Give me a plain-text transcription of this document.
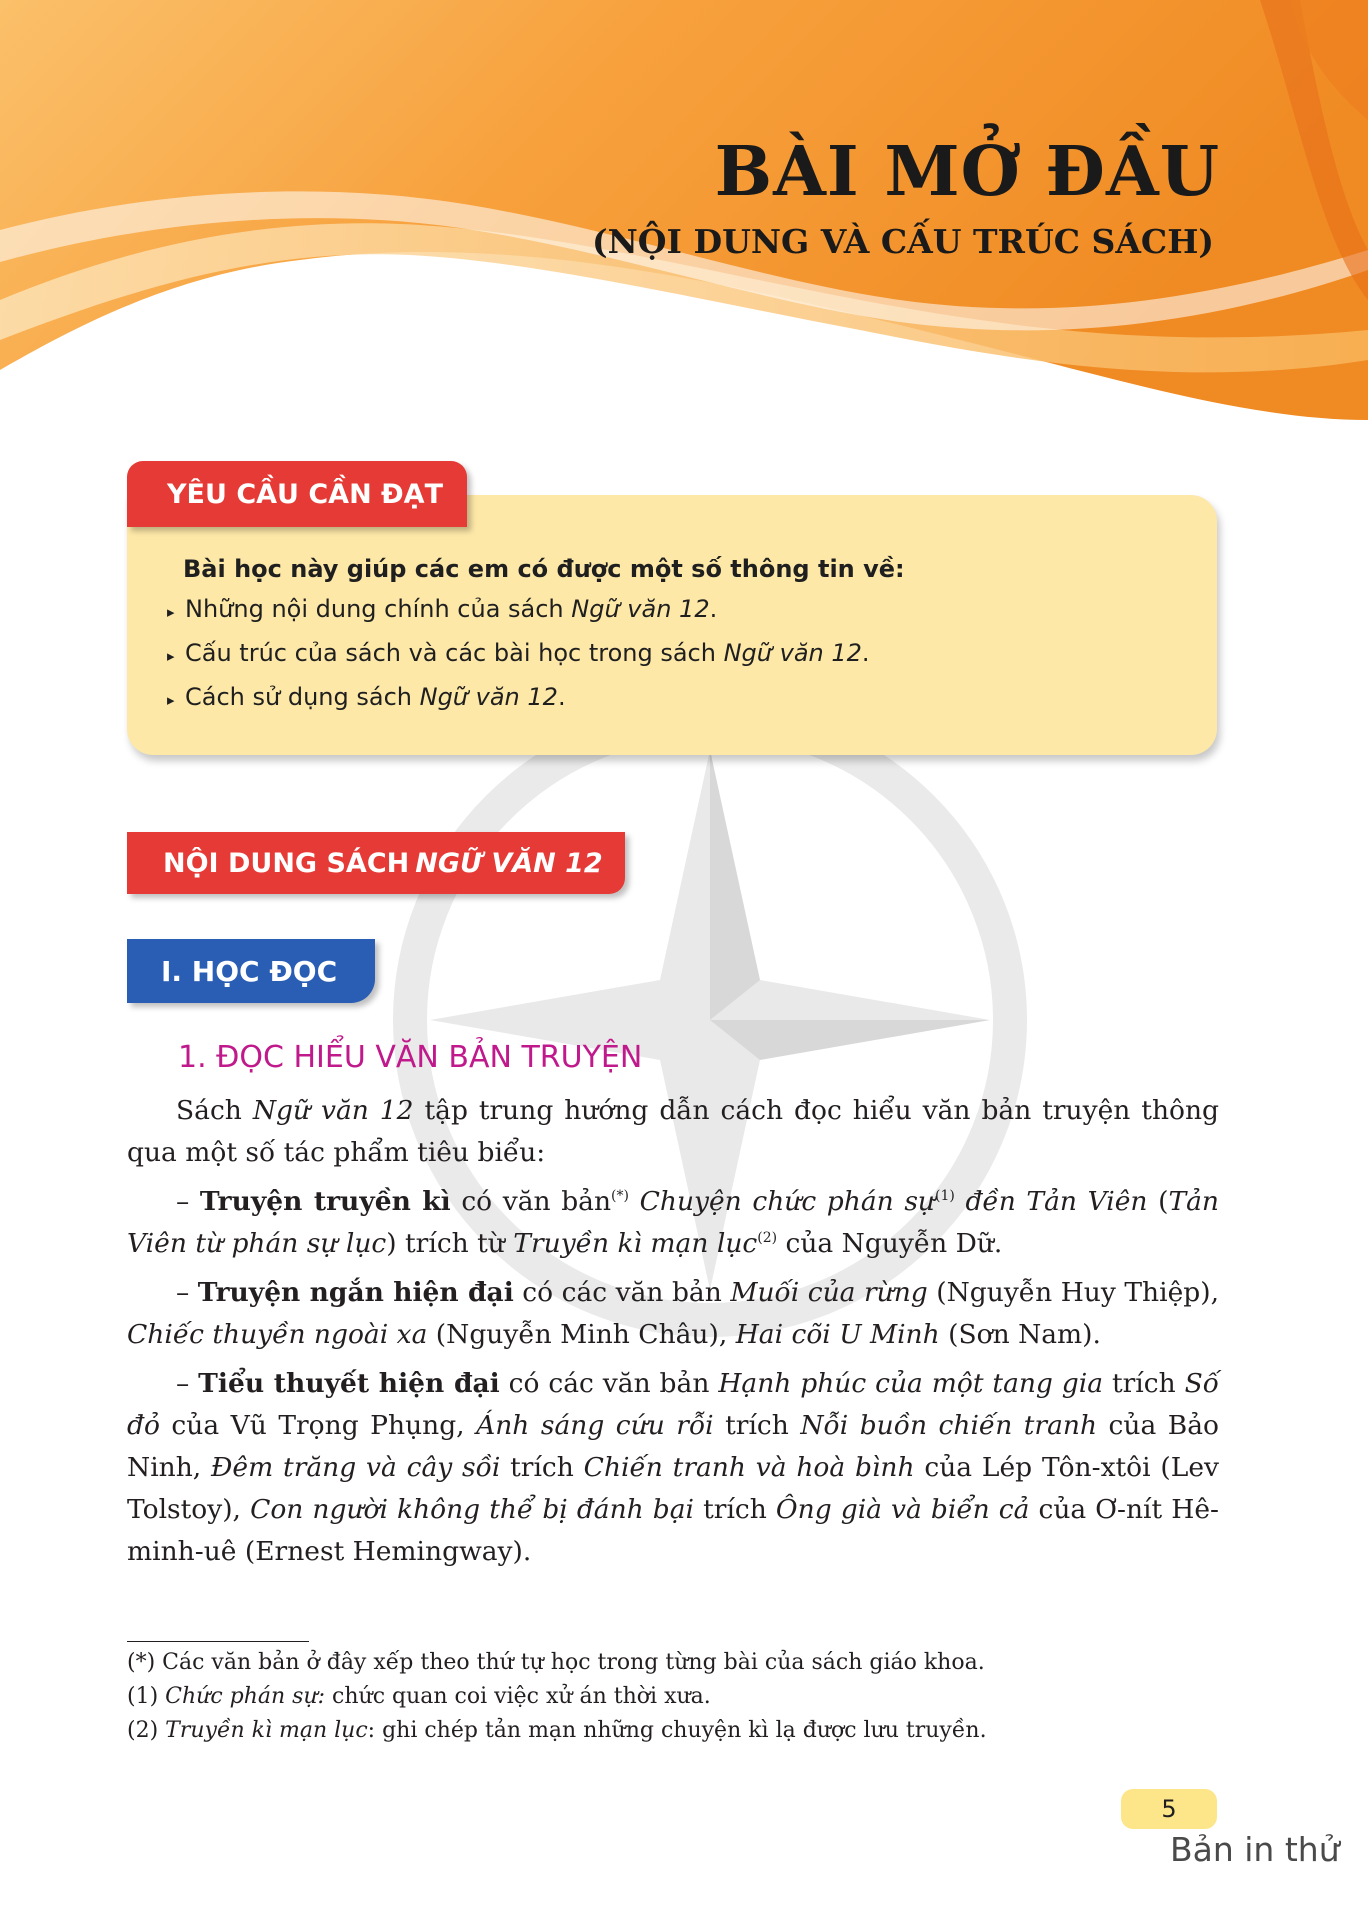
BÀI MỞ ĐẦU
(NỘI DUNG VÀ CẤU TRÚC SÁCH)
Bài học này giúp các em có được một số thông tin về:
▸ Những nội dung chính của sách Ngữ văn 12.
▸ Cấu trúc của sách và các bài học trong sách Ngữ văn 12.
▸ Cách sử dụng sách Ngữ văn 12.
YÊU CẦU CẦN ĐẠT
NỘI DUNG SÁCH NGỮ VĂN 12
I. HỌC ĐỌC
1. ĐỌC HIỂU VĂN BẢN TRUYỆN
Sách Ngữ văn 12 tập trung hướng dẫn cách đọc hiểu văn bản truyện thông qua một số tác phẩm tiêu biểu:
– Truyện truyền kì có văn bản(*) Chuyện chức phán sự$^{(1)}$ đền Tản Viên (Tản Viên từ phán sự lục) trích từ Truyền kì mạn lục$^{(2)}$ của Nguyễn Dữ.
– Truyện ngắn hiện đại có các văn bản Muối của rừng (Nguyễn Huy Thiệp), Chiếc thuyền ngoài xa (Nguyễn Minh Châu), Hai cõi U Minh (Sơn Nam).
– Tiểu thuyết hiện đại có các văn bản Hạnh phúc của một tang gia trích Số đỏ của Vũ Trọng Phụng, Ánh sáng cứu rỗi trích Nỗi buồn chiến tranh của Bảo Ninh, Đêm trăng và cây sồi trích Chiến tranh và hoà bình của Lép Tôn-xtôi (Lev Tolstoy), Con người không thể bị đánh bại trích Ông già và biển cả của Ơ-nít Hê-minh-uê (Ernest Hemingway).
(*) Các văn bản ở đây xếp theo thứ tự học trong từng bài của sách giáo khoa.
(1) Chức phán sự: chức quan coi việc xử án thời xưa.
(2) Truyền kì mạn lục: ghi chép tản mạn những chuyện kì lạ được lưu truyền.
5
Bản in thử
